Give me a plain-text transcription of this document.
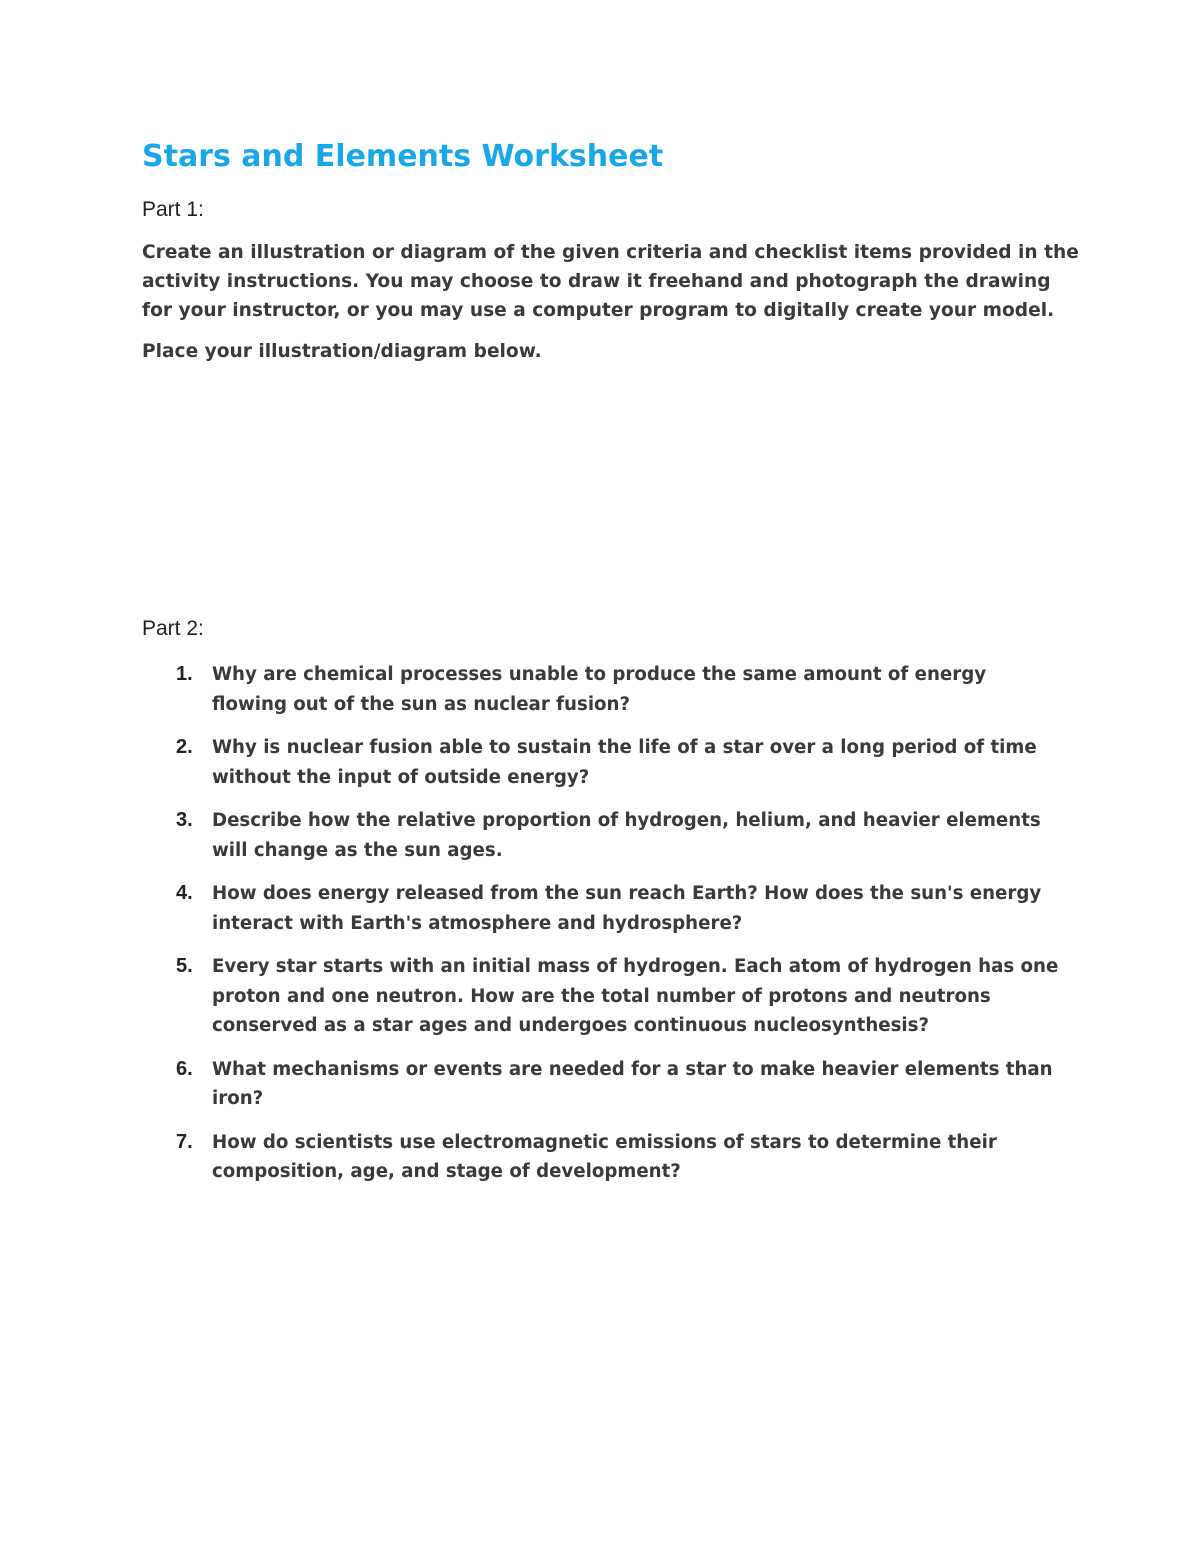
Stars and Elements Worksheet

Part 1:

Create an illustration or diagram of the given criteria and checklist items provided in the
activity instructions. You may choose to draw it freehand and photograph the drawing
for your instructor, or you may use a computer program to digitally create your model.

Place your illustration/diagram below.

Part 2:

1. Why are chemical processes unable to produce the same amount of energy
flowing out of the sun as nuclear fusion?
2. Why is nuclear fusion able to sustain the life of a star over a long period of time
without the input of outside energy?
3. Describe how the relative proportion of hydrogen, helium, and heavier elements
will change as the sun ages.
4. How does energy released from the sun reach Earth? How does the sun's energy
interact with Earth's atmosphere and hydrosphere?
5. Every star starts with an initial mass of hydrogen. Each atom of hydrogen has one
proton and one neutron. How are the total number of protons and neutrons
conserved as a star ages and undergoes continuous nucleosynthesis?
6. What mechanisms or events are needed for a star to make heavier elements than
iron?
7. How do scientists use electromagnetic emissions of stars to determine their
composition, age, and stage of development?
